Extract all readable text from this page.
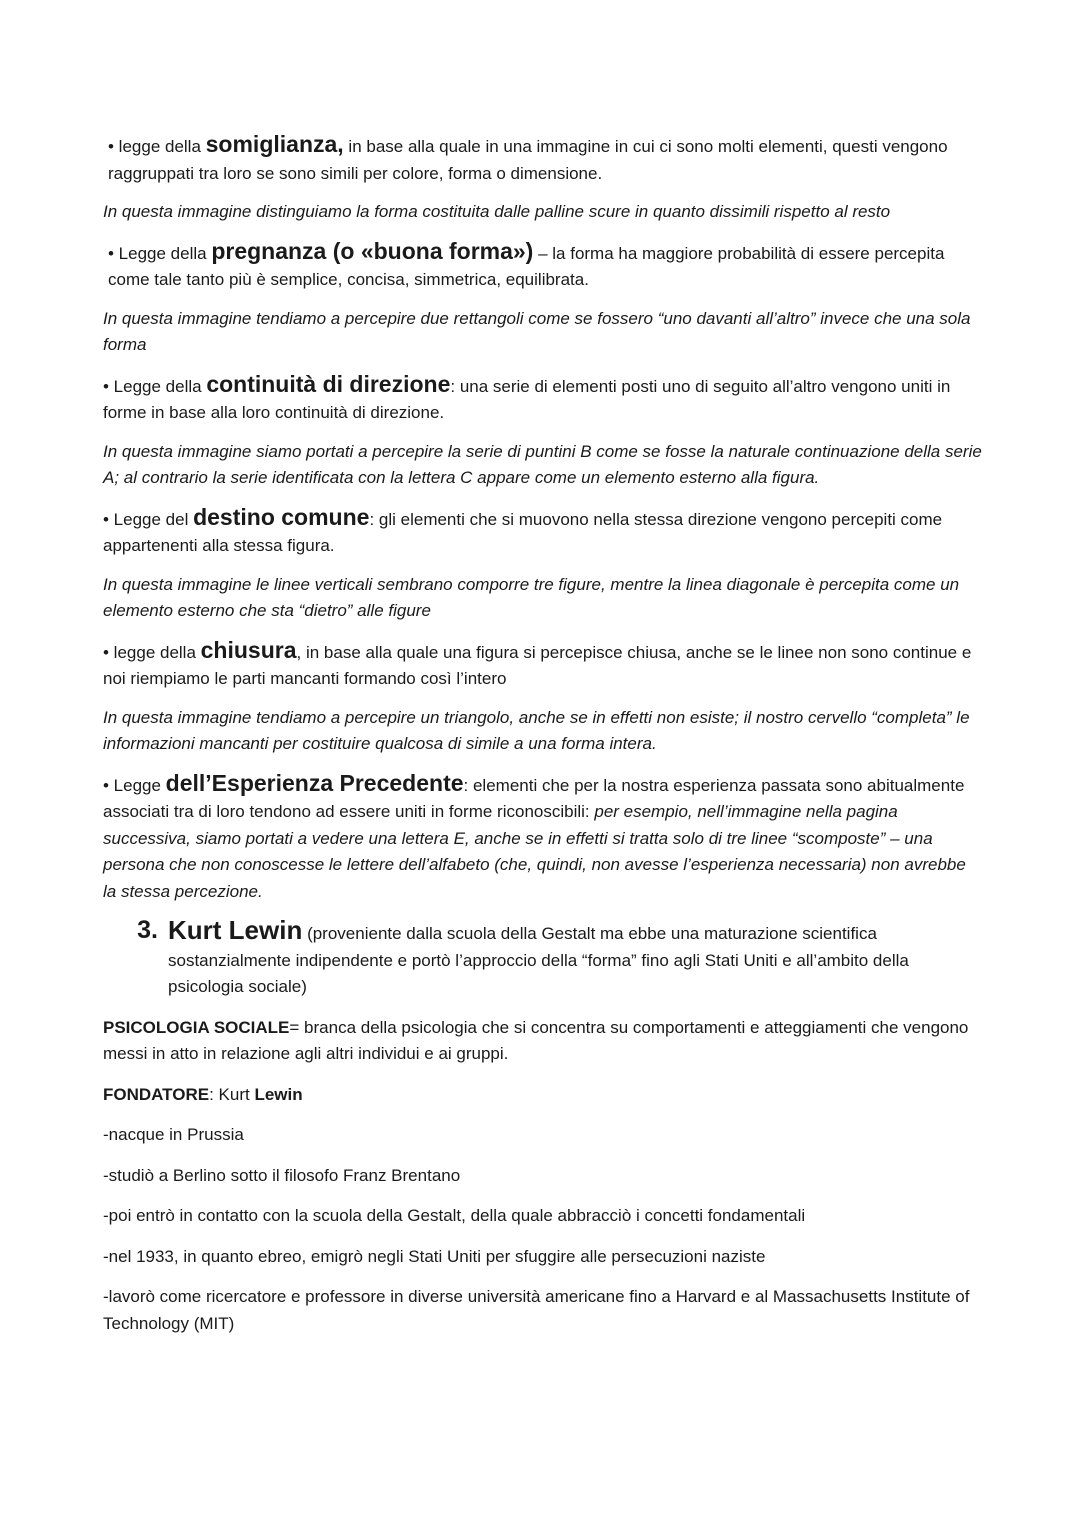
• legge della somiglianza, in base alla quale in una immagine in cui ci sono molti elementi, questi vengono raggruppati tra loro se sono simili per colore, forma o dimensione.

In questa immagine distinguiamo la forma costituita dalle palline scure in quanto dissimili rispetto al resto

• Legge della pregnanza (o «buona forma») – la forma ha maggiore probabilità di essere percepita come tale tanto più è semplice, concisa, simmetrica, equilibrata.

In questa immagine tendiamo a percepire due rettangoli come se fossero “uno davanti all’altro” invece che una sola forma

• Legge della continuità di direzione: una serie di elementi posti uno di seguito all’altro vengono uniti in forme in base alla loro continuità di direzione.

In questa immagine siamo portati a percepire la serie di puntini B come se fosse la naturale continuazione della serie A; al contrario la serie identificata con la lettera C appare come un elemento esterno alla figura.

• Legge del destino comune: gli elementi che si muovono nella stessa direzione vengono percepiti come appartenenti alla stessa figura.

In questa immagine le linee verticali sembrano comporre tre figure, mentre la linea diagonale è percepita come un elemento esterno che sta “dietro” alle figure

• legge della chiusura, in base alla quale una figura si percepisce chiusa, anche se le linee non sono continue e noi riempiamo le parti mancanti formando così l’intero

In questa immagine tendiamo a percepire un triangolo, anche se in effetti non esiste; il nostro cervello “completa” le informazioni mancanti per costituire qualcosa di simile a una forma intera.

• Legge dell’Esperienza Precedente: elementi che per la nostra esperienza passata sono abitualmente associati tra di loro tendono ad essere uniti in forme riconoscibili: per esempio, nell’immagine nella pagina successiva, siamo portati a vedere una lettera E, anche se in effetti si tratta solo di tre linee “scomposte” – una persona che non conoscesse le lettere dell’alfabeto (che, quindi, non avesse l’esperienza necessaria) non avrebbe la stessa percezione.

3. Kurt Lewin (proveniente dalla scuola della Gestalt ma ebbe una maturazione scientifica sostanzialmente indipendente e portò l’approccio della “forma” fino agli Stati Uniti e all’ambito della psicologia sociale)

PSICOLOGIA SOCIALE= branca della psicologia che si concentra su comportamenti e atteggiamenti che vengono messi in atto in relazione agli altri individui e ai gruppi.

FONDATORE: Kurt Lewin

-nacque in Prussia

-studiò a Berlino sotto il filosofo Franz Brentano

-poi entrò in contatto con la scuola della Gestalt, della quale abbracciò i concetti fondamentali

-nel 1933, in quanto ebreo, emigrò negli Stati Uniti per sfuggire alle persecuzioni naziste

-lavorò come ricercatore e professore in diverse università americane fino a Harvard e al Massachusetts Institute of Technology (MIT)
